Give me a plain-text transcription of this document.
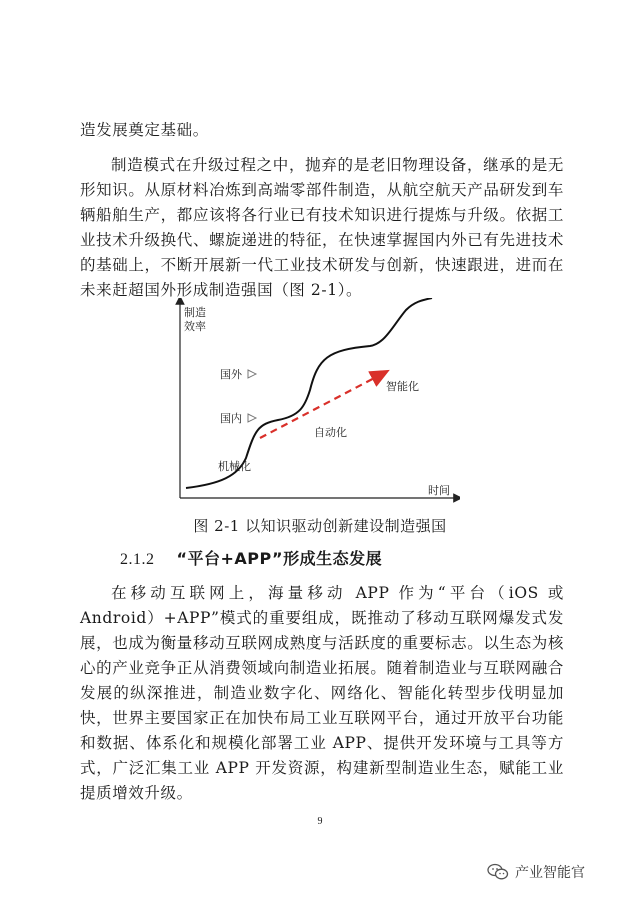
造发展奠定基础。

制造模式在升级过程之中，抛弃的是老旧物理设备，继承的是无形知识。从原材料冶炼到高端零部件制造，从航空航天产品研发到车辆船舶生产，都应该将各行业已有技术知识进行提炼与升级。依据工业技术升级换代、螺旋递进的特征，在快速掌握国内外已有先进技术的基础上，不断开展新一代工业技术研发与创新，快速跟进，进而在未来赶超国外形成制造强国（图 2-1）。

制造
效率
时间
国外
国内
机械化
自动化
智能化
图 2-1 以知识驱动创新建设制造强国
2.1.2 “平台+APP”形成生态发展

在移动互联网上，海量移动 APP 作为“平台（iOS 或 Android）+APP”模式的重要组成，既推动了移动互联网爆发式发展，也成为衡量移动互联网成熟度与活跃度的重要标志。以生态为核心的产业竞争正从消费领域向制造业拓展。随着制造业与互联网融合发展的纵深推进，制造业数字化、网络化、智能化转型步伐明显加快，世界主要国家正在加快布局工业互联网平台，通过开放平台功能和数据、体系化和规模化部署工业 APP、提供开发环境与工具等方式，广泛汇集工业 APP 开发资源，构建新型制造业生态，赋能工业提质增效升级。

9
产业智能官
